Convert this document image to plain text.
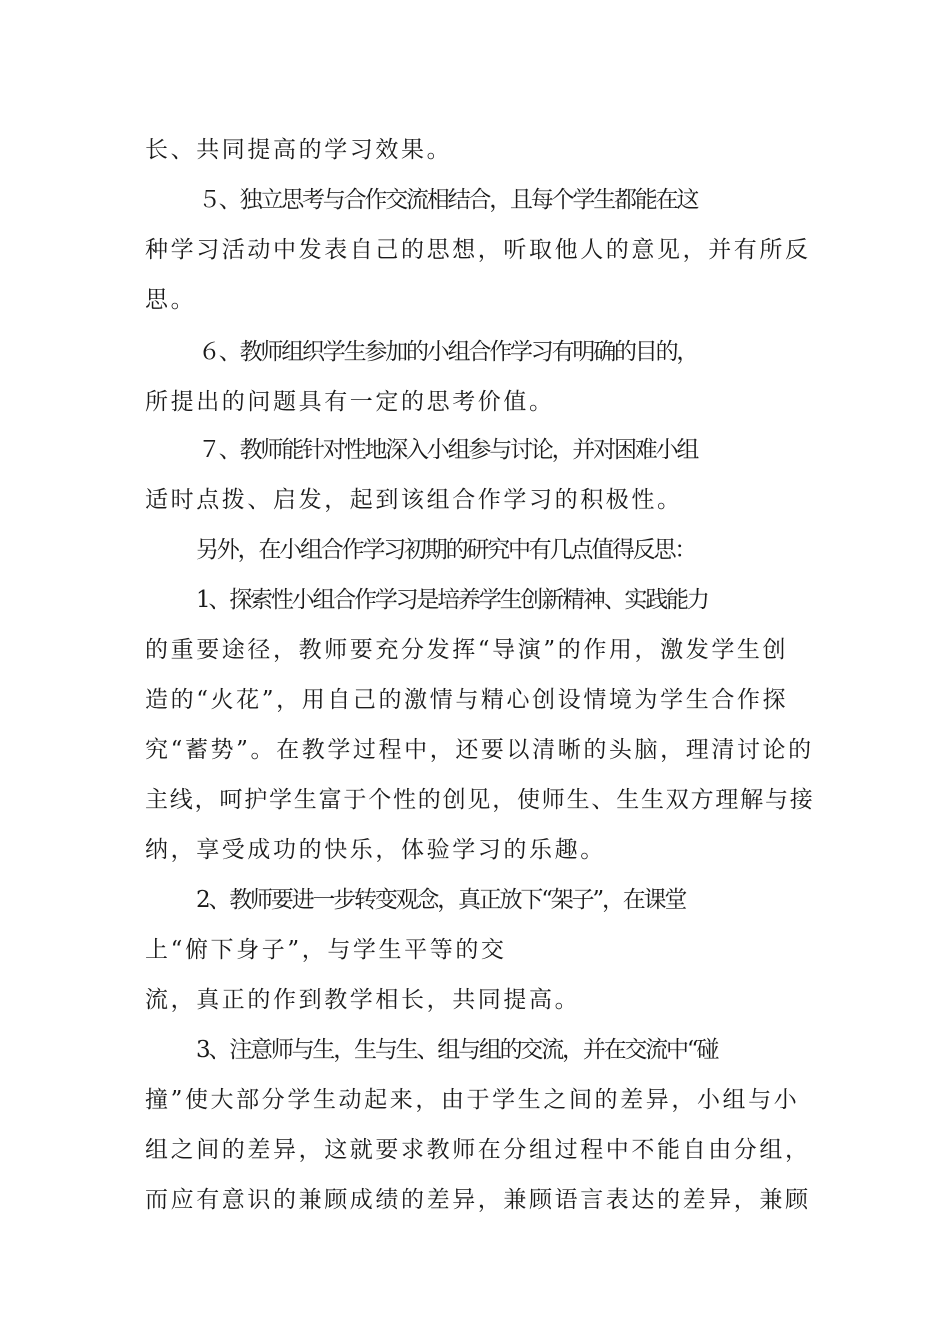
长、共同提高的学习效果。
５、独立思考与合作交流相结合，且每个学生都能在这
种学习活动中发表自己的思想，听取他人的意见，并有所反
思。
６、教师组织学生参加的小组合作学习有明确的目的，
所提出的问题具有一定的思考价值。
７、教师能针对性地深入小组参与讨论，并对困难小组
适时点拨、启发，起到该组合作学习的积极性。
另外，在小组合作学习初期的研究中有几点值得反思：
1、探索性小组合作学习是培养学生创新精神、实践能力
的重要途径，教师要充分发挥“导演”的作用，激发学生创
造的“火花”，用自己的激情与精心创设情境为学生合作探
究“蓄势”。在教学过程中，还要以清晰的头脑，理清讨论的
主线，呵护学生富于个性的创见，使师生、生生双方理解与接
纳，享受成功的快乐，体验学习的乐趣。
2、教师要进一步转变观念，真正放下“架子”，在课堂
上“俯下身子”，与学生平等的交
流，真正的作到教学相长，共同提高。
3、注意师与生，生与生、组与组的交流，并在交流中“碰
撞”使大部分学生动起来，由于学生之间的差异，小组与小
组之间的差异，这就要求教师在分组过程中不能自由分组，
而应有意识的兼顾成绩的差异，兼顾语言表达的差异，兼顾
